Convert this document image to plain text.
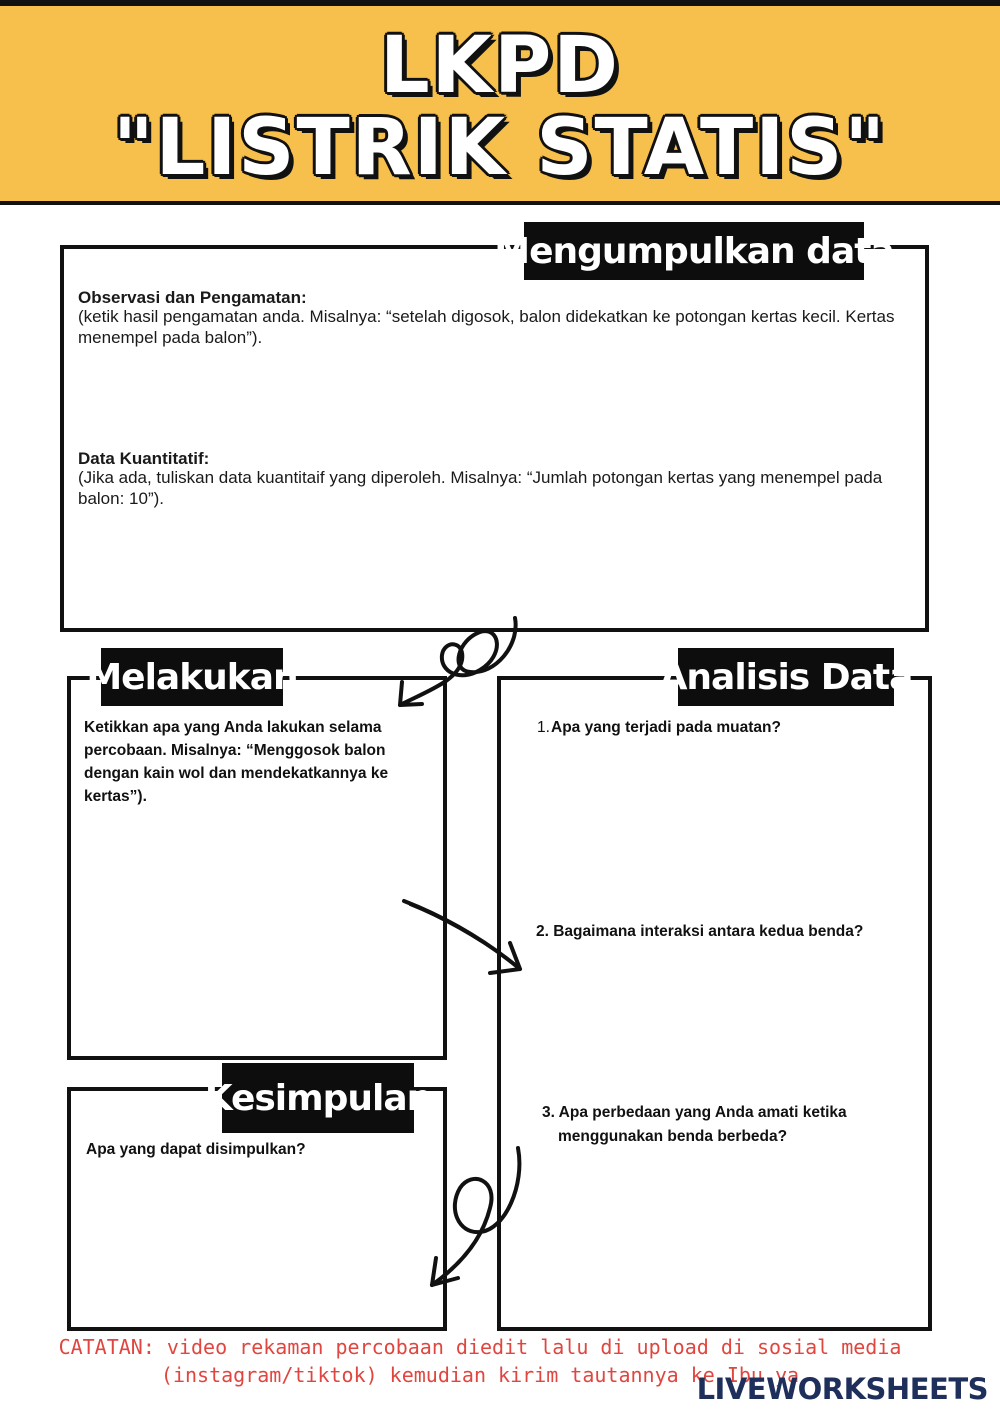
LKPD
"LISTRIK STATIS"
Mengumpulkan data
Observasi dan Pengamatan:
(ketik hasil pengamatan anda. Misalnya: “setelah digosok, balon didekatkan ke potongan kertas kecil. Kertas menempel pada balon”).
Data Kuantitatif:
(Jika ada, tuliskan data kuantitaif yang diperoleh. Misalnya: “Jumlah potongan kertas yang menempel pada balon: 10”).
Melakukan
Ketikkan apa yang Anda lakukan selama percobaan. Misalnya: “Menggosok balon dengan kain wol dan mendekatkannya ke kertas”).
Analisis Data
1. Apa yang terjadi pada muatan?
2. Bagaimana interaksi antara kedua benda?
3. Apa perbedaan yang Anda amati ketika
menggunakan benda berbeda?
Kesimpulan
Apa yang dapat disimpulkan?
CATATAN: video rekaman percobaan diedit lalu di upload di sosial media
(instagram/tiktok) kemudian kirim tautannya ke Ibu ya
LIVEWORKSHEETS
